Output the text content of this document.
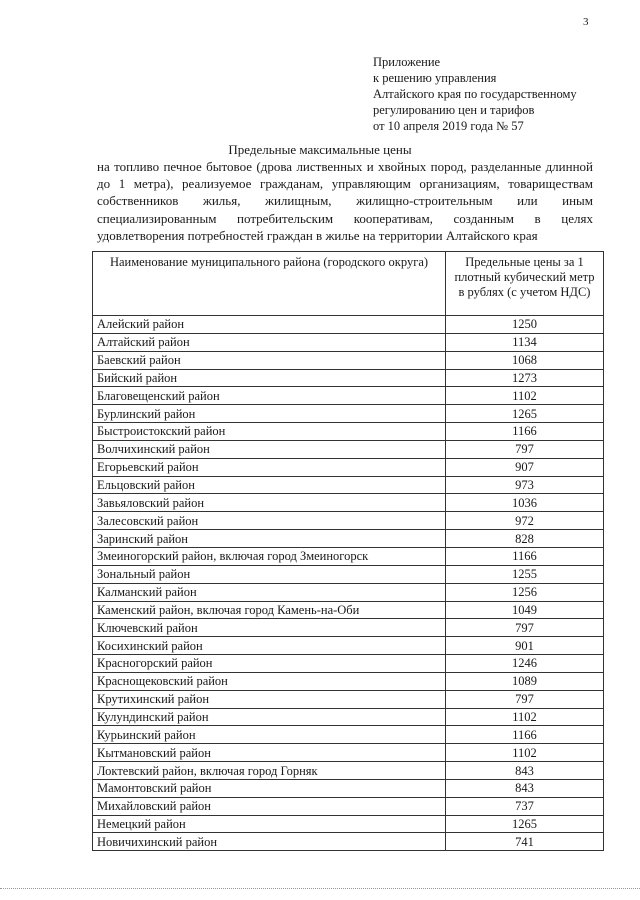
3
Приложение
к решению управления
Алтайского края по государственному
регулированию цен и тарифов
от 10 апреля 2019 года № 57
Предельные максимальные цены
на топливо печное бытовое (дрова лиственных и хвойных пород, разделанные длинной до 1 метра), реализуемое гражданам, управляющим организациям, товариществам собственников жилья, жилищным, жилищно-строительным или иным специализированным потребительским кооперативам, созданным в целях удовлетворения потребностей граждан в жилье на территории Алтайского края
Наименование муниципального района (городского округа)	Предельные цены за 1 плотный кубический метр в рублях (с учетом НДС)
Алейский район	1250
Алтайский район	1134
Баевский район	1068
Бийский район	1273
Благовещенский район	1102
Бурлинский район	1265
Быстроистокский район	1166
Волчихинский район	797
Егорьевский район	907
Ельцовский район	973
Завьяловский район	1036
Залесовский район	972
Заринский район	828
Змеиногорский район, включая город Змеиногорск	1166
Зональный район	1255
Калманский район	1256
Каменский район, включая город Камень-на-Оби	1049
Ключевский район	797
Косихинский район	901
Красногорский район	1246
Краснощековский район	1089
Крутихинский район	797
Кулундинский район	1102
Курьинский район	1166
Кытмановский район	1102
Локтевский район, включая город Горняк	843
Мамонтовский район	843
Михайловский район	737
Немецкий район	1265
Новичихинский район	741
